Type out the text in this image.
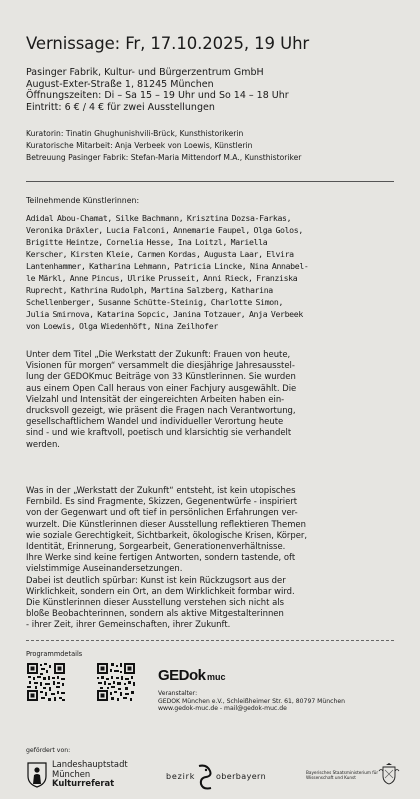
Vernissage: Fr, 17.10.2025, 19 Uhr
Pasinger Fabrik, Kultur- und Bürgerzentrum GmbH
August-Exter-Straße 1, 81245 München
Öffnungszeiten: Di – Sa 15 – 19 Uhr und So 14 – 18 Uhr
Eintritt: 6 € / 4 € für zwei Ausstellungen
Kuratorin: Tinatin Ghughunishvili-Brück, Kunsthistorikerin
Kuratorische Mitarbeit: Anja Verbeek von Loewis, Künstlerin
Betreuung Pasinger Fabrik: Stefan-Maria Mittendorf M.A., Kunsthistoriker
Teilnehmende Künstlerinnen:
Adidal Abou-Chamat, Silke Bachmann, Krisztina Dozsa-Farkas,
Veronika Dräxler, Lucia Falconi, Annemarie Faupel, Olga Golos,
Brigitte Heintze, Cornelia Hesse, Ina Loitzl, Mariella
Kerscher, Kirsten Kleie, Carmen Kordas, Augusta Laar, Elvira
Lantenhammer, Katharina Lehmann, Patricia Lincke, Nina Annabel-
le Märkl, Anne Pincus, Ulrike Prusseit, Anni Rieck, Franziska
Ruprecht, Kathrina Rudolph, Martina Salzberg, Katharina
Schellenberger, Susanne Schütte-Steinig, Charlotte Simon,
Julia Smirnova, Katarina Sopcic, Janina Totzauer, Anja Verbeek
von Loewis, Olga Wiedenhöft, Nina Zeilhofer
Unter dem Titel „Die Werkstatt der Zukunft: Frauen von heute,
Visionen für morgen“ versammelt die diesjährige Jahresausstel-
lung der GEDOKmuc Beiträge von 33 Künstlerinnen. Sie wurden
aus einem Open Call heraus von einer Fachjury ausgewählt. Die
Vielzahl und Intensität der eingereichten Arbeiten haben ein-
drucksvoll gezeigt, wie präsent die Fragen nach Verantwortung,
gesellschaftlichem Wandel und individueller Verortung heute
sind - und wie kraftvoll, poetisch und klarsichtig sie verhandelt
werden.
Was in der „Werkstatt der Zukunft“ entsteht, ist kein utopisches
Fernbild. Es sind Fragmente, Skizzen, Gegenentwürfe - inspiriert
von der Gegenwart und oft tief in persönlichen Erfahrungen ver-
wurzelt. Die Künstlerinnen dieser Ausstellung reflektieren Themen
wie soziale Gerechtigkeit, Sichtbarkeit, ökologische Krisen, Körper,
Identität, Erinnerung, Sorgearbeit, Generationenverhältnisse.
Ihre Werke sind keine fertigen Antworten, sondern tastende, oft
vielstimmige Auseinandersetzungen.
Dabei ist deutlich spürbar: Kunst ist kein Rückzugsort aus der
Wirklichkeit, sondern ein Ort, an dem Wirklichkeit formbar wird.
Die Künstlerinnen dieser Ausstellung verstehen sich nicht als
bloße Beobachterinnen, sondern als aktive Mitgestalterinnen
- ihrer Zeit, ihrer Gemeinschaften, ihrer Zukunft.
Programmdetails
GEDok muc
Veranstalter:
GEDOK München e.V., Schleißheimer Str. 61, 80797 München
www.gedok-muc.de - mail@gedok-muc.de
gefördert von:
Landeshauptstadt
München
Kulturreferat
bezirk	oberbayern	Bayerisches Staatsministerium für
Wissenschaft und Kunst
